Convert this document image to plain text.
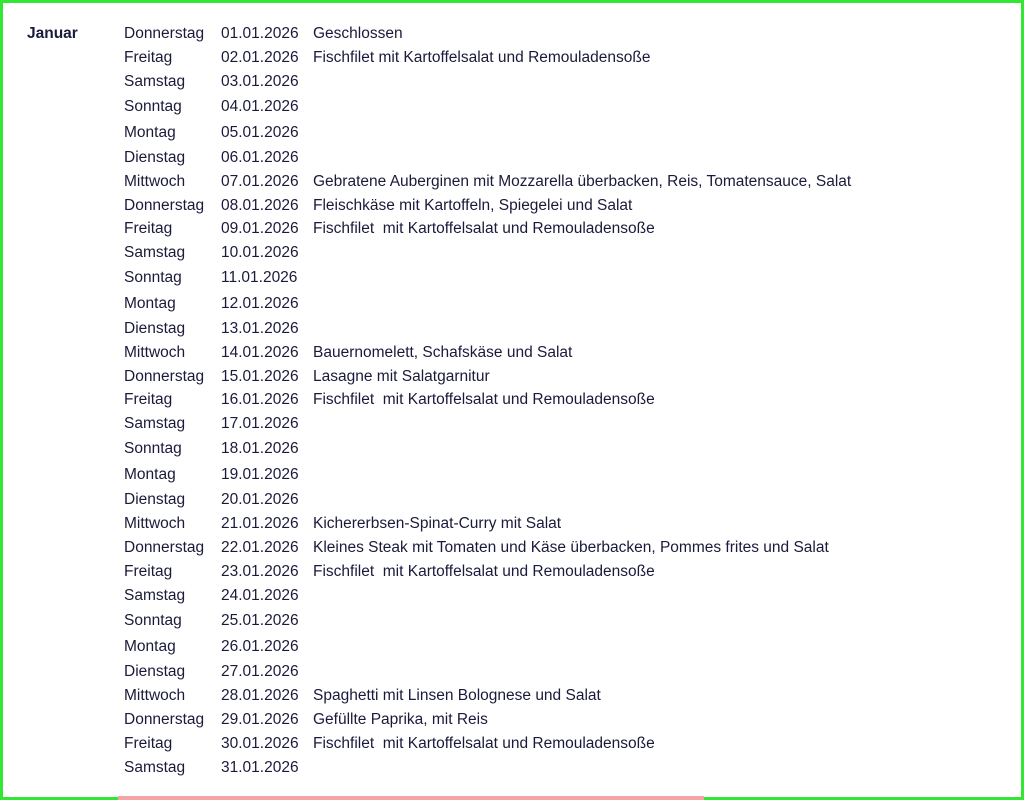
Januar	Donnerstag	01.01.2026	Geschlossen
Freitag	02.01.2026	Fischfilet mit Kartoffelsalat und Remouladensoße
Samstag	03.01.2026	
Sonntag	04.01.2026	
Montag	05.01.2026	
Dienstag	06.01.2026	
Mittwoch	07.01.2026	Gebratene Auberginen mit Mozzarella überbacken, Reis, Tomatensauce, Salat
Donnerstag	08.01.2026	Fleischkäse mit Kartoffeln, Spiegelei und Salat
Freitag	09.01.2026	Fischfilet  mit Kartoffelsalat und Remouladensoße
Samstag	10.01.2026	
Sonntag	11.01.2026	
Montag	12.01.2026	
Dienstag	13.01.2026	
Mittwoch	14.01.2026	Bauernomelett, Schafskäse und Salat
Donnerstag	15.01.2026	Lasagne mit Salatgarnitur
Freitag	16.01.2026	Fischfilet  mit Kartoffelsalat und Remouladensoße
Samstag	17.01.2026	
Sonntag	18.01.2026	
Montag	19.01.2026	
Dienstag	20.01.2026	
Mittwoch	21.01.2026	Kichererbsen-Spinat-Curry mit Salat
Donnerstag	22.01.2026	Kleines Steak mit Tomaten und Käse überbacken, Pommes frites und Salat
Freitag	23.01.2026	Fischfilet  mit Kartoffelsalat und Remouladensoße
Samstag	24.01.2026	
Sonntag	25.01.2026	
Montag	26.01.2026	
Dienstag	27.01.2026	
Mittwoch	28.01.2026	Spaghetti mit Linsen Bolognese und Salat
Donnerstag	29.01.2026	Gefüllte Paprika, mit Reis
Freitag	30.01.2026	Fischfilet  mit Kartoffelsalat und Remouladensoße
Samstag	31.01.2026	
